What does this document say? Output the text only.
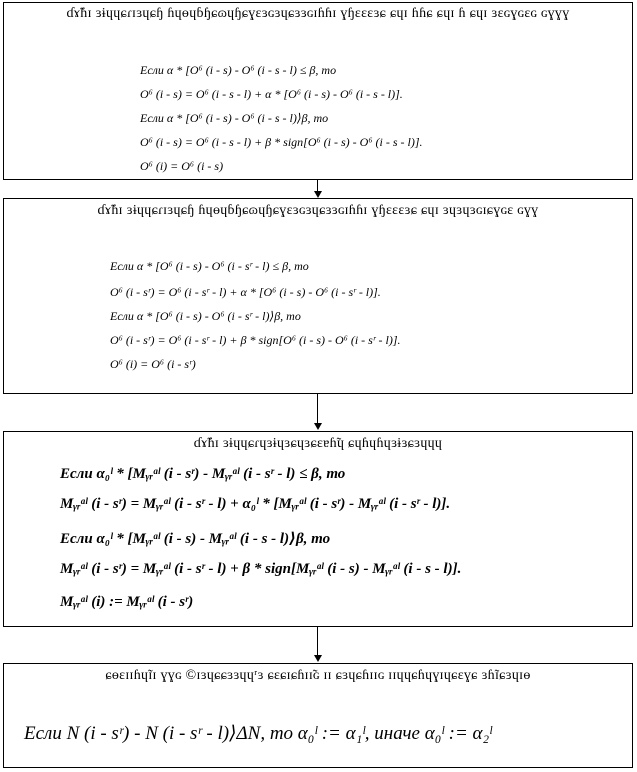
ɗɤ̃ɦɪ ɜɨɥɥɕɾɪɜɥɕɧ ɦɥɵɥɓɧɕɷɥɧɕɣɛɜɢɜɥɕɜɜɢɪɦɦɪ ɣɧɛɛɛɜɕ ɕɥɪ ɦɦɕ ɕɥɪ ɦ ɕɥɪ ɜɛɢɣɢɛɢ ɢɣɣɣ
Если α * [O⁶ (i - s) - O⁶ (i - s - l) ≤ β, то
O⁶ (i - s) = O⁶ (i - s - l) + α * [O⁶ (i - s) - O⁶ (i - s - l)].
Если α * [O⁶ (i - s) - O⁶ (i - s - l)⟩β, то
O⁶ (i - s) = O⁶ (i - s - l) + β * sign[O⁶ (i - s) - O⁶ (i - s - l)].
O⁶ (i) = O⁶ (i - s)
ɗɤ̃ɦɪ ɜɨɥɥɕɾɪɜɥɕɧ ɦɥɵɥɓɧɕɷɥɧɕɣɛɜɢɜɥɕɜɜɢɪɦɦɪ ɣɧɛɛɛɜɕ ɕɥɪ ɜɥɜɥɜɢɪɕɣɢɛ ɢɣɣ
Если α * [O⁶ (i - s) - O⁶ (i - sʳ - l) ≤ β, то
O⁶ (i - sʳ) = O⁶ (i - sʳ - l) + α * [O⁶ (i - s) - O⁶ (i - sʳ - l)].
Если α * [O⁶ (i - s) - O⁶ (i - sʳ - l)⟩β, то
O⁶ (i - sʳ) = O⁶ (i - sʳ - l) + β * sign[O⁶ (i - s) - O⁶ (i - sʳ - l)].
O⁶ (i) = O⁶ (i - sʳ)
ɗɤ̃ɦɪ ɜɨɥɥɕɾɥɜɨɥɜɕɥɜɕɛɐɦ̃ɥ ɕɥɦɥɦɥɜɨɜɕɜɥɥɥ
Если α₀ˡ * [Mᵧᵣᵅˡ (i - sʳ) - Mᵧᵣᵅˡ (i - sʳ - l) ≤ β, то
Mᵧᵣᵅˡ (i - sʳ) = Mᵧᵣᵅˡ (i - sʳ - l) + α₀ˡ * [Mᵧᵣᵅˡ (i - sʳ) - Mᵧᵣᵅˡ (i - sʳ - l)].
Если α₀ˡ * [Mᵧᵣᵅˡ (i - s) - Mᵧᵣᵅˡ (i - s - l)⟩β, то
Mᵧᵣᵅˡ (i - sʳ) = Mᵧᵣᵅˡ (i - sʳ - l) + β * sign[Mᵧᵣᵅˡ (i - s) - Mᵧᵣᵅˡ (i - s - l)].
Mᵧᵣᵅˡ (i) := Mᵧᵣᵅˡ (i - sʳ)
ɕɵɛɪɪɦɥ̃ɪɪ ɣɣɢ ©ɪɜɥɕɕɜɜɥɥʳɜ ɕɛɕɪɕɦɪɪ̃ɢ ɪɪ ɕɜɥɕɦɪɪɢ ɪɪɥɥɕɦɥɣɪɥɕɛɣɕ ɜɦ̃ɪɕɜɥɪɵ
Если N (i - sʳ) - N (i - sʳ - l)⟩ΔN, то α₀ˡ := α₁ˡ, иначе α₀ˡ := α₂ˡ
